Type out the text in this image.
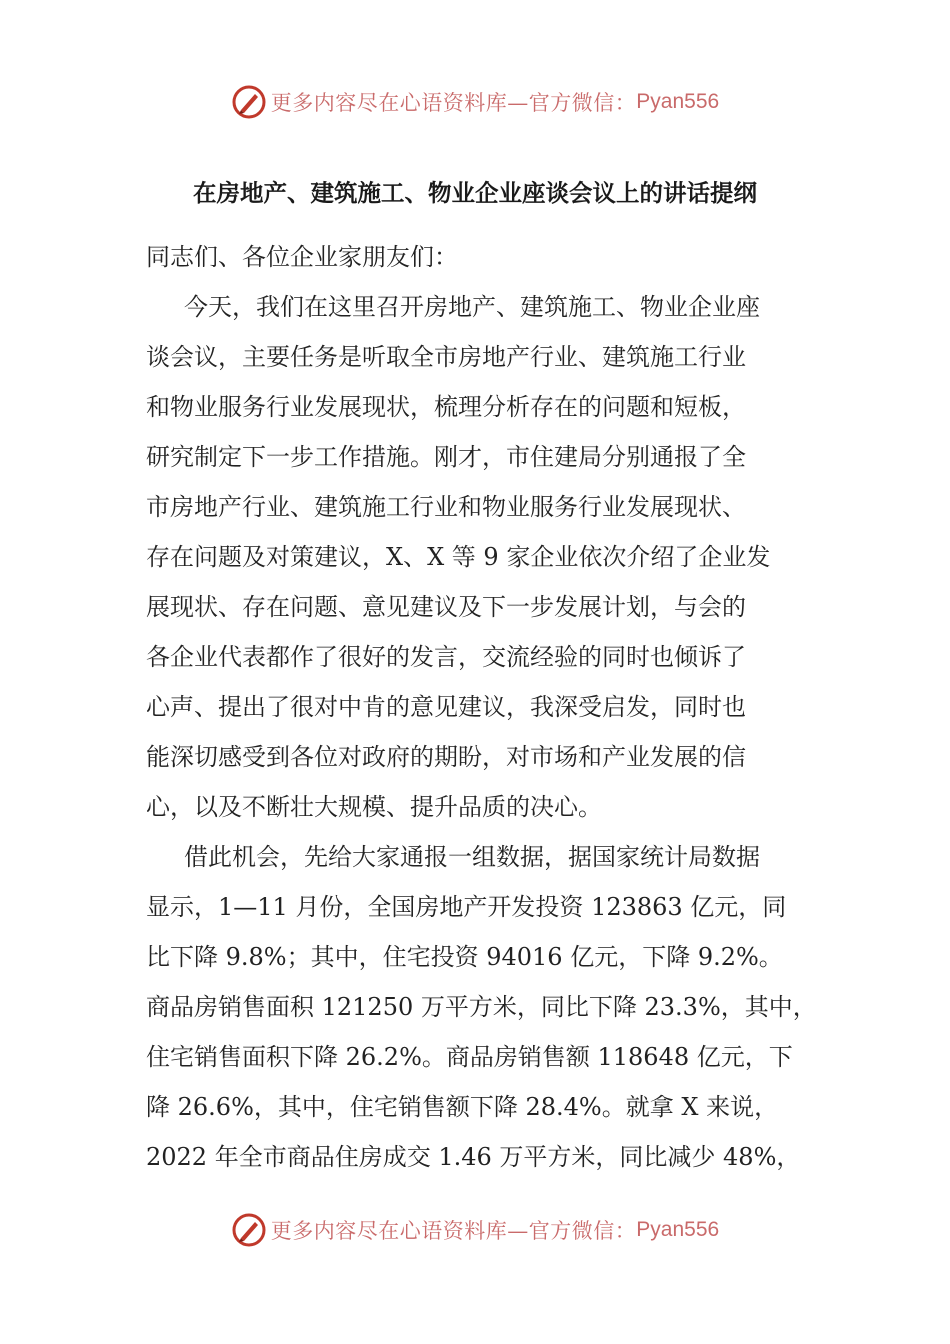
更多内容尽在心语资料库—官方微信： Pyan556
在房地产、建筑施工、物业企业座谈会议上的讲话提纲
同志们、各位企业家朋友们：
今天，我们在这里召开房地产、建筑施工、物业企业座
谈会议，主要任务是听取全市房地产行业、建筑施工行业
和物业服务行业发展现状，梳理分析存在的问题和短板，
研究制定下一步工作措施。刚才，市住建局分别通报了全
市房地产行业、建筑施工行业和物业服务行业发展现状、
存在问题及对策建议，X、X 等 9 家企业依次介绍了企业发
展现状、存在问题、意见建议及下一步发展计划，与会的
各企业代表都作了很好的发言，交流经验的同时也倾诉了
心声、提出了很对中肯的意见建议，我深受启发，同时也
能深切感受到各位对政府的期盼，对市场和产业发展的信
心，以及不断壮大规模、提升品质的决心。
借此机会，先给大家通报一组数据，据国家统计局数据
显示，1—11 月份，全国房地产开发投资 123863 亿元，同
比下降 9.8%；其中，住宅投资 94016 亿元，下降 9.2%。
商品房销售面积 121250 万平方米，同比下降 23.3%，其中，
住宅销售面积下降 26.2%。商品房销售额 118648 亿元，下
降 26.6%，其中，住宅销售额下降 28.4%。就拿 X 来说，
2022 年全市商品住房成交 1.46 万平方米，同比减少 48%，
更多内容尽在心语资料库—官方微信： Pyan556
